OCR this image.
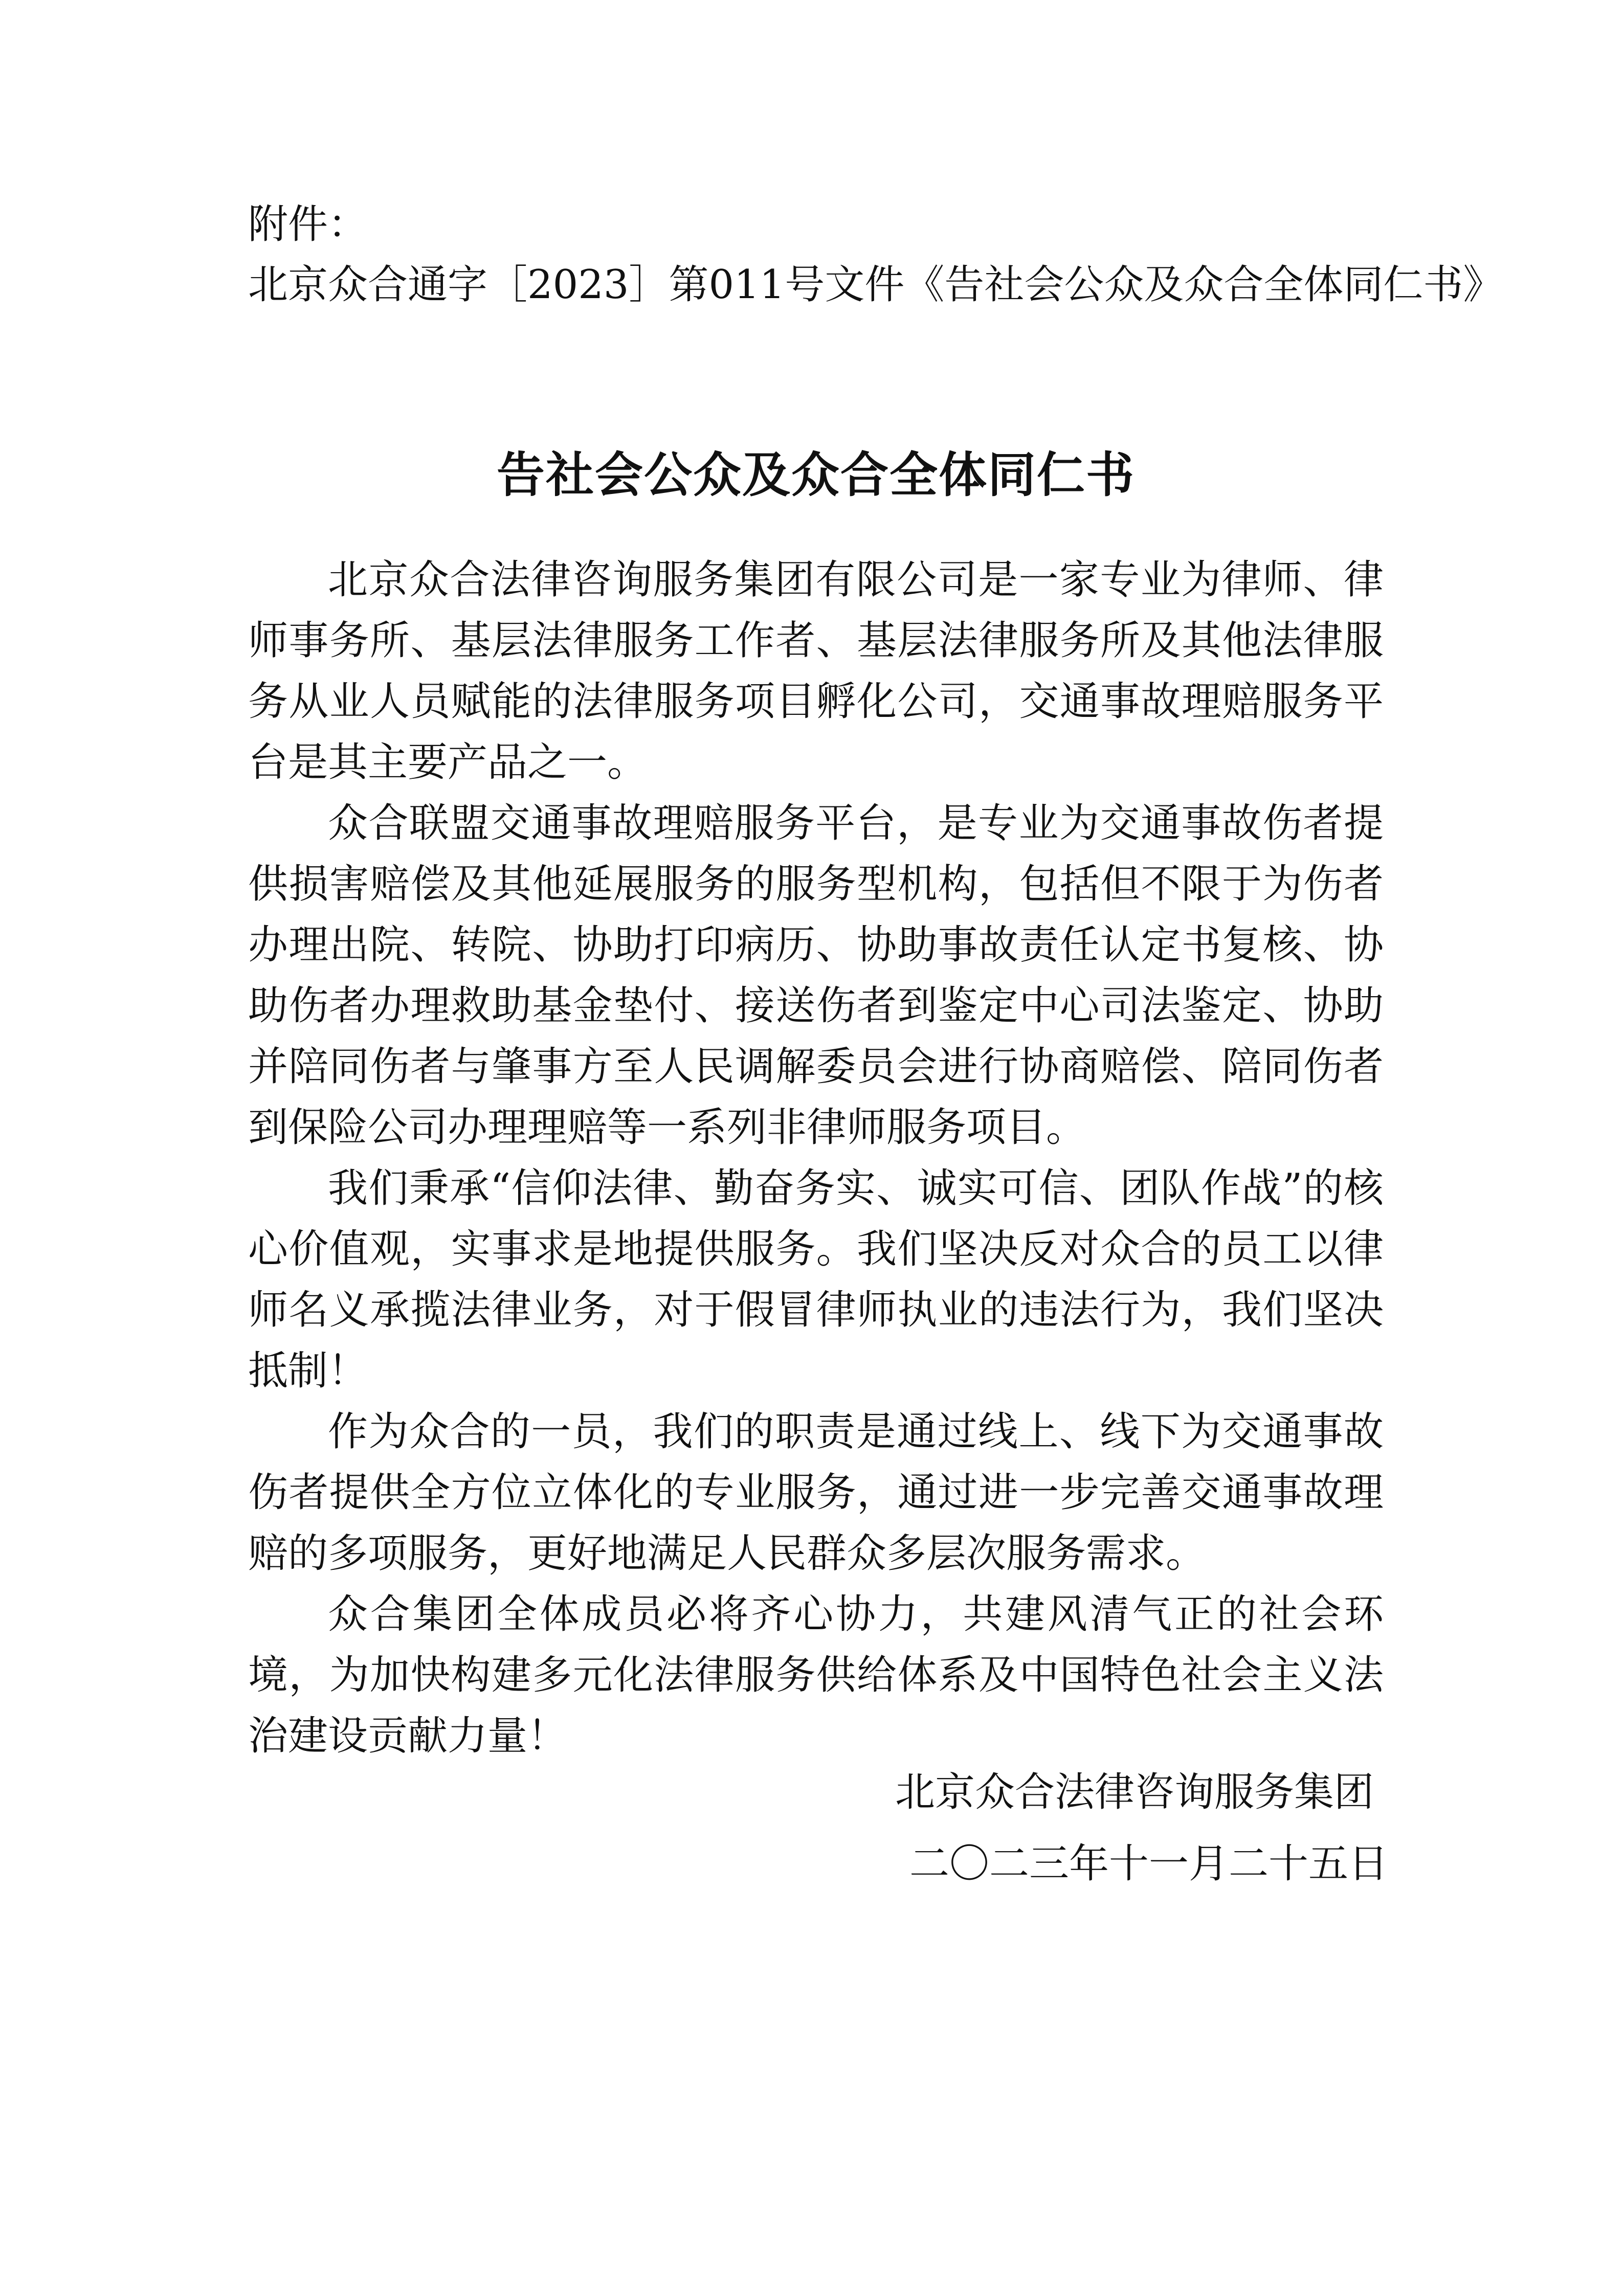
附件：
北京众合通字［2023］第011号文件《告社会公众及众合全体同仁书》
告社会公众及众合全体同仁书

北京众合法律咨询服务集团有限公司是一家专业为律师、律师事务所、基层法律服务工作者、基层法律服务所及其他法律服务从业人员赋能的法律服务项目孵化公司，交通事故理赔服务平台是其主要产品之一。

众合联盟交通事故理赔服务平台，是专业为交通事故伤者提供损害赔偿及其他延展服务的服务型机构，包括但不限于为伤者办理出院、转院、协助打印病历、协助事故责任认定书复核、协助伤者办理救助基金垫付、接送伤者到鉴定中心司法鉴定、协助并陪同伤者与肇事方至人民调解委员会进行协商赔偿、陪同伤者到保险公司办理理赔等一系列非律师服务项目。

我们秉承“信仰法律、勤奋务实、诚实可信、团队作战”的核心价值观，实事求是地提供服务。我们坚决反对众合的员工以律师名义承揽法律业务，对于假冒律师执业的违法行为，我们坚决抵制！

作为众合的一员，我们的职责是通过线上、线下为交通事故伤者提供全方位立体化的专业服务，通过进一步完善交通事故理赔的多项服务，更好地满足人民群众多层次服务需求。

众合集团全体成员必将齐心协力，共建风清气正的社会环境，为加快构建多元化法律服务供给体系及中国特色社会主义法治建设贡献力量！

北京众合法律咨询服务集团
二〇二三年十一月二十五日
